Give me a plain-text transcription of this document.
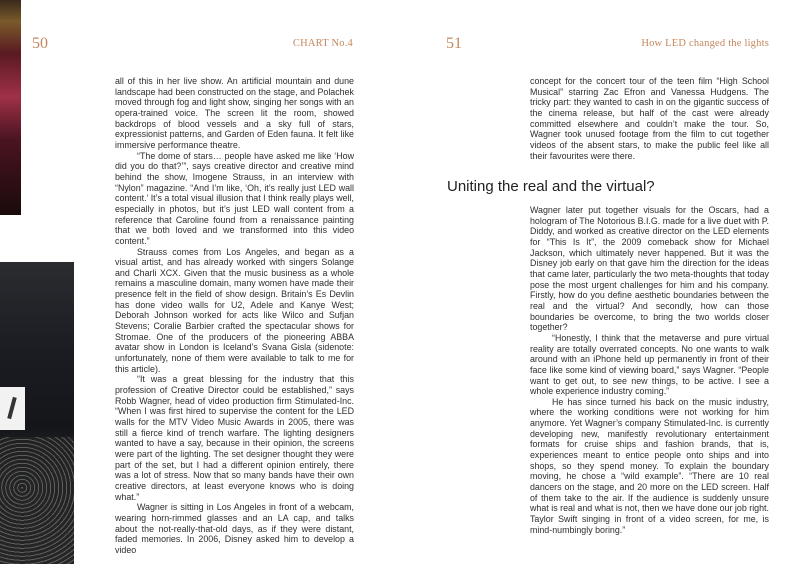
50	CHART No.4	51	How LED changed the lights

all of this in her live show. An artificial mountain and dune landscape had been constructed on the stage, and Polachek moved through fog and light show, singing her songs with an opera-trained voice. The screen lit the room, showed backdrops of blood vessels and a sky full of stars, expressionist patterns, and Garden of Eden fauna. It felt like immersive performance theatre.

“The dome of stars… people have asked me like ‘How did you do that?’”, says creative director and creative mind behind the show, Imogene Strauss, in an interview with “Nylon” magazine. “And I’m like, ‘Oh, it’s really just LED wall content.’ It’s a total visual illusion that I think really plays well, especially in photos, but it’s just LED wall content from a reference that Caroline found from a renaissance painting that we both loved and we transformed into this video content.”

Strauss comes from Los Angeles, and began as a visual artist, and has already worked with singers Solange and Charli XCX. Given that the music business as a whole remains a masculine domain, many women have made their presence felt in the field of show design. Britain’s Es Devlin has done video walls for U2, Adele and Kanye West; Deborah Johnson worked for acts like Wilco and Sufjan Stevens; Coralie Barbier crafted the spectacular shows for Stromae. One of the producers of the pioneering ABBA avatar show in London is Iceland’s Svana Gisla (sidenote: unfortunately, none of them were available to talk to me for this article).

“It was a great blessing for the industry that this profession of Creative Director could be established,” says Robb Wagner, head of video production firm Stimulated-Inc. “When I was first hired to supervise the content for the LED walls for the MTV Video Music Awards in 2005, there was still a fierce kind of trench warfare. The lighting designers wanted to have a say, because in their opinion, the screens were part of the lighting. The set designer thought they were part of the set, but I had a different opinion entirely, there was a lot of stress. Now that so many bands have their own creative directors, at least everyone knows who is doing what.”

Wagner is sitting in Los Angeles in front of a webcam, wearing horn-rimmed glasses and an LA cap, and talks about the not-really-that-old days, as if they were distant, faded memories. In 2006, Disney asked him to develop a video

concept for the concert tour of the teen film “High School Musical” starring Zac Efron and Vanessa Hudgens. The tricky part: they wanted to cash in on the gigantic success of the cinema release, but half of the cast were already committed elsewhere and couldn’t make the tour. So, Wagner took unused footage from the film to cut together videos of the absent stars, to make the public feel like all their favourites were there.

Uniting the real and the virtual?

Wagner later put together visuals for the Oscars, had a hologram of The Notorious B.I.G. made for a live duet with P. Diddy, and worked as creative director on the LED elements for “This Is It”, the 2009 comeback show for Michael Jackson, which ultimately never happened. But it was the Disney job early on that gave him the direction for the ideas that came later, particularly the two meta-thoughts that today pose the most urgent challenges for him and his company. Firstly, how do you define aesthetic boundaries between the real and the virtual? And secondly, how can those boundaries be overcome, to bring the two worlds closer together?

“Honestly, I think that the metaverse and pure virtual reality are totally overrated concepts. No one wants to walk around with an iPhone held up permanently in front of their face like some kind of viewing board,” says Wagner. “People want to get out, to see new things, to be active. I see a whole experience industry coming.”

He has since turned his back on the music industry, where the working conditions were not working for him anymore. Yet Wagner’s company Stimulated-Inc. is currently developing new, manifestly revolutionary entertainment formats for cruise ships and fashion brands, that is, experiences meant to entice people onto ships and into shops, so they spend money. To explain the boundary moving, he chose a “wild example”. “There are 10 real dancers on the stage, and 20 more on the LED screen. Half of them take to the air. If the audience is suddenly unsure what is real and what is not, then we have done our job right. Taylor Swift singing in front of a video screen, for me, is mind-numbingly boring.”
